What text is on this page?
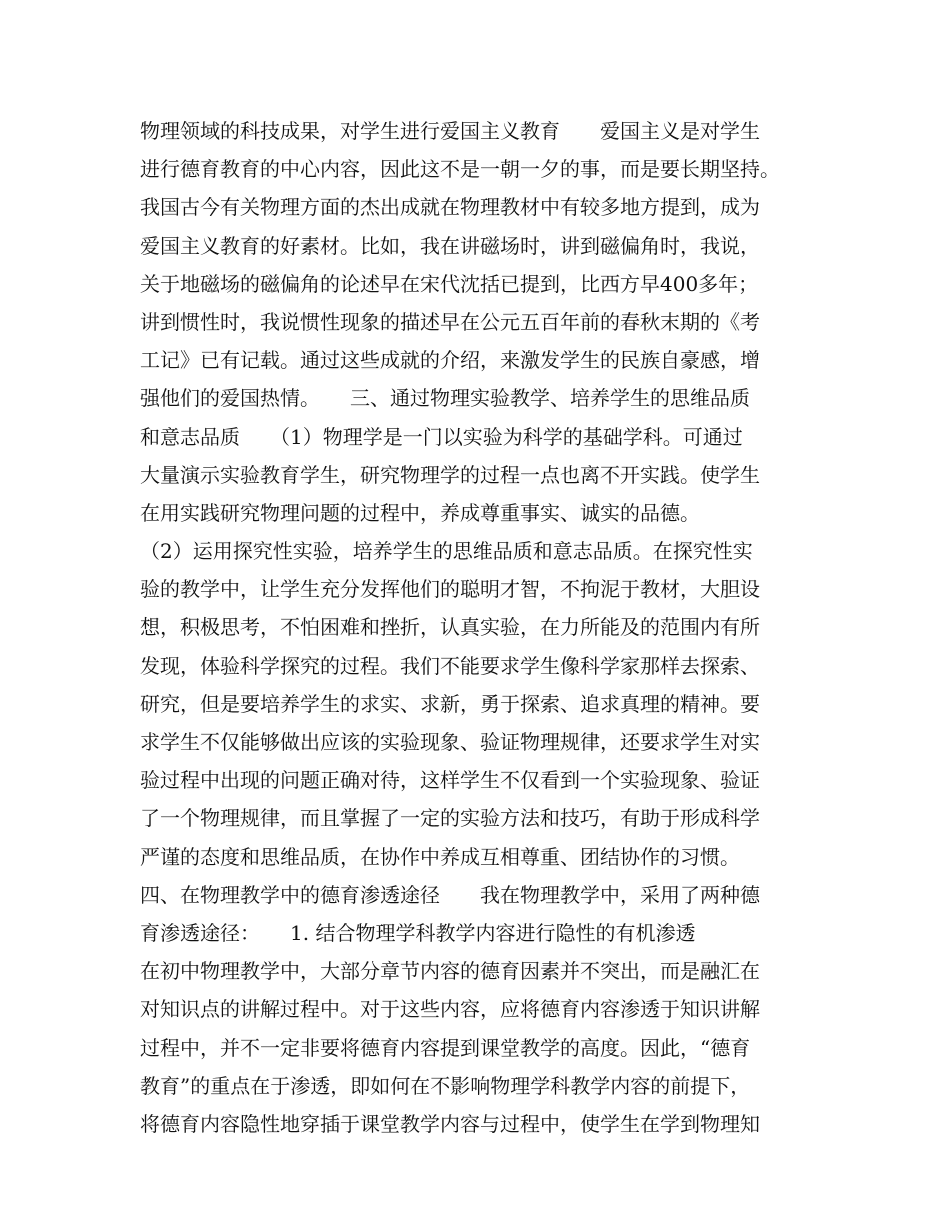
物理领域的科技成果，对学生进行爱国主义教育　　爱国主义是对学生
进行德育教育的中心内容，因此这不是一朝一夕的事，而是要长期坚持。
我国古今有关物理方面的杰出成就在物理教材中有较多地方提到，成为
爱国主义教育的好素材。比如，我在讲磁场时，讲到磁偏角时，我说，
关于地磁场的磁偏角的论述早在宋代沈括已提到，比西方早400多年；
讲到惯性时，我说惯性现象的描述早在公元五百年前的春秋末期的《考
工记》已有记载。通过这些成就的介绍，来激发学生的民族自豪感，增
强他们的爱国热情。　　三、通过物理实验教学、培养学生的思维品质
和意志品质　　（1）物理学是一门以实验为科学的基础学科。可通过
大量演示实验教育学生，研究物理学的过程一点也离不开实践。使学生
在用实践研究物理问题的过程中，养成尊重事实、诚实的品德。
（2）运用探究性实验，培养学生的思维品质和意志品质。在探究性实
验的教学中，让学生充分发挥他们的聪明才智，不拘泥于教材，大胆设
想，积极思考，不怕困难和挫折，认真实验，在力所能及的范围内有所
发现，体验科学探究的过程。我们不能要求学生像科学家那样去探索、
研究，但是要培养学生的求实、求新，勇于探索、追求真理的精神。要
求学生不仅能够做出应该的实验现象、验证物理规律，还要求学生对实
验过程中出现的问题正确对待，这样学生不仅看到一个实验现象、验证
了一个物理规律，而且掌握了一定的实验方法和技巧，有助于形成科学
严谨的态度和思维品质，在协作中养成互相尊重、团结协作的习惯。
四、在物理教学中的德育渗透途径　　我在物理教学中，采用了两种德
育渗透途径：　　1. 结合物理学科教学内容进行隐性的有机渗透
在初中物理教学中，大部分章节内容的德育因素并不突出，而是融汇在
对知识点的讲解过程中。对于这些内容，应将德育内容渗透于知识讲解
过程中，并不一定非要将德育内容提到课堂教学的高度。因此，“德育
教育”的重点在于渗透，即如何在不影响物理学科教学内容的前提下，
将德育内容隐性地穿插于课堂教学内容与过程中，使学生在学到物理知
